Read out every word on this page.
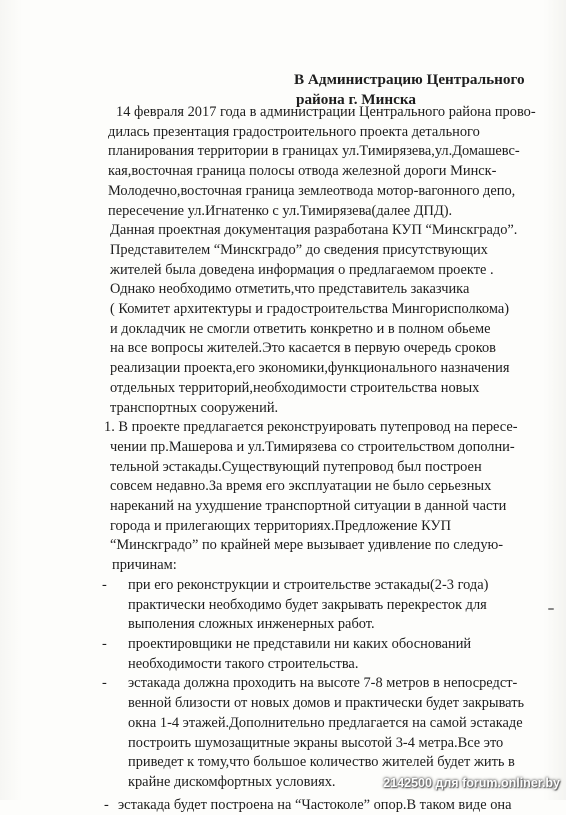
В Администрацию Центрального
района г. Минска
14 февраля 2017 года в администрации Центрального района прово-
дилась презентация градостроительного проекта детального
планирования территории в границах ул.Тимирязева,ул.Домашевс-
кая,восточная граница полосы отвода железной дороги Минск-
Молодечно,восточная граница землеотвода мотор-вагонного депо,
пересечение ул.Игнатенко с ул.Тимирязева(далее ДПД).
Данная проектная документация разработана КУП “Минскградо”.
Представителем “Минскградо” до сведения присутствующих
жителей была доведена информация о предлагаемом проекте .
Однако необходимо отметить,что представитель заказчика
( Комитет архитектуры и градостроительства Мингорисполкома)
и докладчик не смогли ответить конкретно и в полном обьеме
на все вопросы жителей.Это касается в первую очередь сроков
реализации проекта,его экономики,функционального назначения
отдельных территорий,необходимости строительства новых
транспортных сооружений.
1. В проекте предлагается реконструировать путепровод на пересе-
чении пр.Машерова и ул.Тимирязева со строительством дополни-
тельной эстакады.Существующий путепровод был построен
совсем недавно.За время его эксплуатации не было серьезных
нареканий на ухудшение транспортной ситуации в данной части
города и прилегающих территориях.Предложение КУП
“Минскградо” по крайней мере вызывает удивление по следую-
причинам:
- при его реконструкции и строительстве эстакады(2-3 года)
практически необходимо будет закрывать перекресток для
выполения сложных инженерных работ.
- проектировщики не представили ни каких обоснований
необходимости такого строительства.
- эстакада должна проходить на высоте 7-8 метров в непосредст-
венной близости от новых домов и практически будет закрывать
окна 1-4 этажей.Дополнительно предлагается на самой эстакаде
построить шумозащитные экраны высотой 3-4 метра.Все это
приведет к тому,что большое количество жителей будет жить в
крайне дискомфортных условиях.
- эстакада будет построена на “Частоколе” опор.В таком виде она
2142500 для forum.onliner.by
